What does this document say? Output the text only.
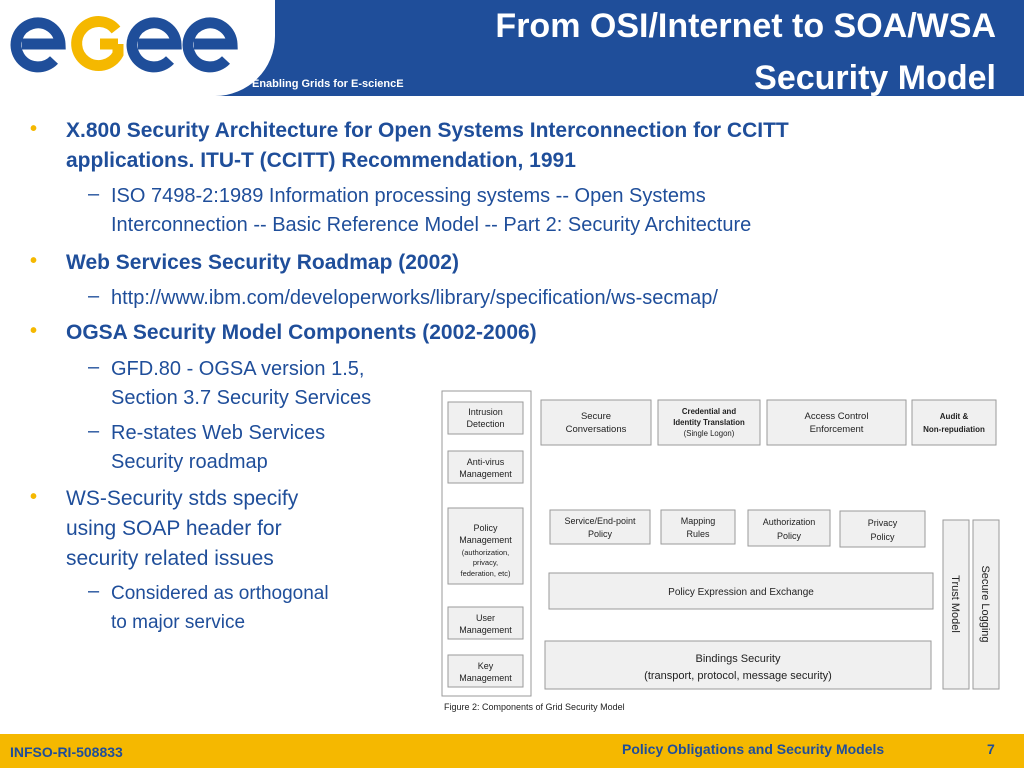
Enabling Grids for E-sciencE
From OSI/Internet to SOA/WSA
Security Model
• X.800 Security Architecture for Open Systems Interconnection for CCITT
applications. ITU-T (CCITT) Recommendation, 1991

– ISO 7498-2:1989 Information processing systems -- Open Systems
Interconnection -- Basic Reference Model -- Part 2: Security Architecture

• Web Services Security Roadmap (2002)

– http://www.ibm.com/developerworks/library/specification/ws-secmap/

• OGSA Security Model Components (2002-2006)

– GFD.80 - OGSA version 1.5,
Section 3.7 Security Services

– Re-states Web Services
Security roadmap

• WS-Security stds specify
using SOAP header for
security related issues

– Considered as orthogonal
to major service

Intrusion
Detection
Anti-virus
Management
Policy
Management
(authorization,
privacy,
federation, etc)
User
Management
Key
Management
Secure
Conversations
Credential and
Identity Translation
(Single Logon)
Access Control
Enforcement
Audit &
Non-repudiation
Service/End-point
Policy
Mapping
Rules
Authorization
Policy
Privacy
Policy
Policy Expression and Exchange
Bindings Security
(transport, protocol, message security)
Trust Model Secure Logging
Figure 2: Components of Grid Security Model
INFSO-RI-508833	Policy Obligations and Security Models	7
